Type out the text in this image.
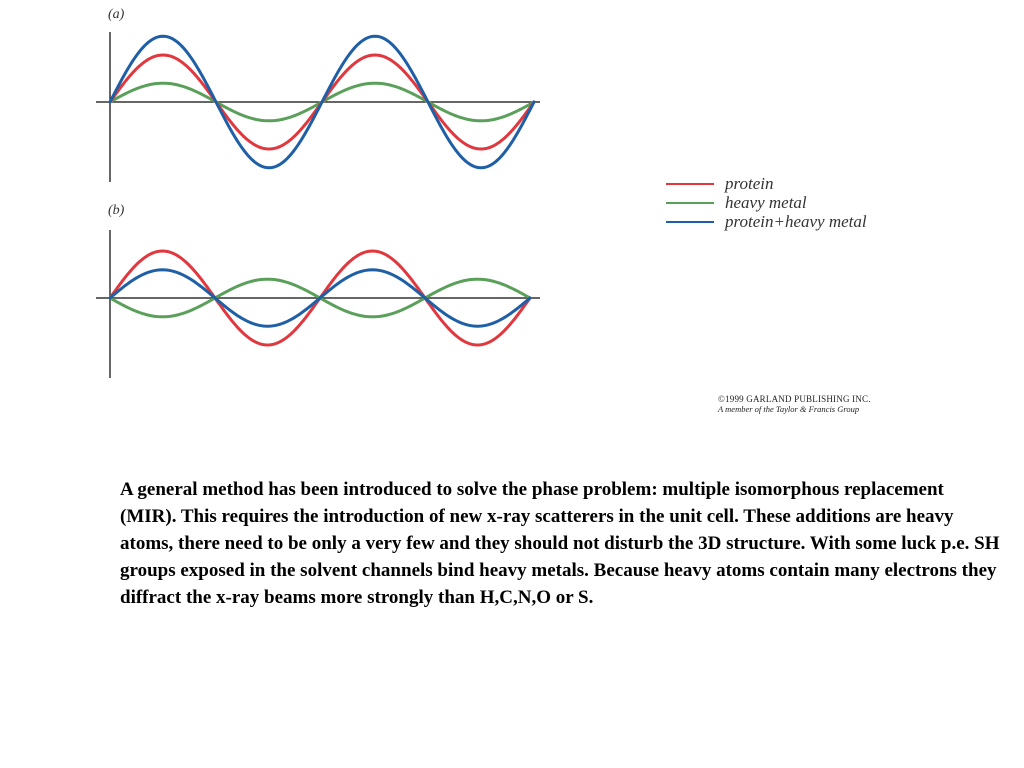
(a)
(b)
protein
heavy metal
protein+heavy metal
©1999 GARLAND PUBLISHING INC.
A member of the Taylor & Francis Group
A general method has been introduced to solve the phase problem: multiple isomorphous replacement (MIR). This requires the introduction of new x-ray scatterers in the unit cell. These additions are heavy atoms, there need to be only a very few and they should not disturb the 3D structure. With some luck p.e. SH groups exposed in the solvent channels bind heavy metals. Because heavy atoms contain many electrons they diffract the x-ray beams more strongly than H,C,N,O or S.
